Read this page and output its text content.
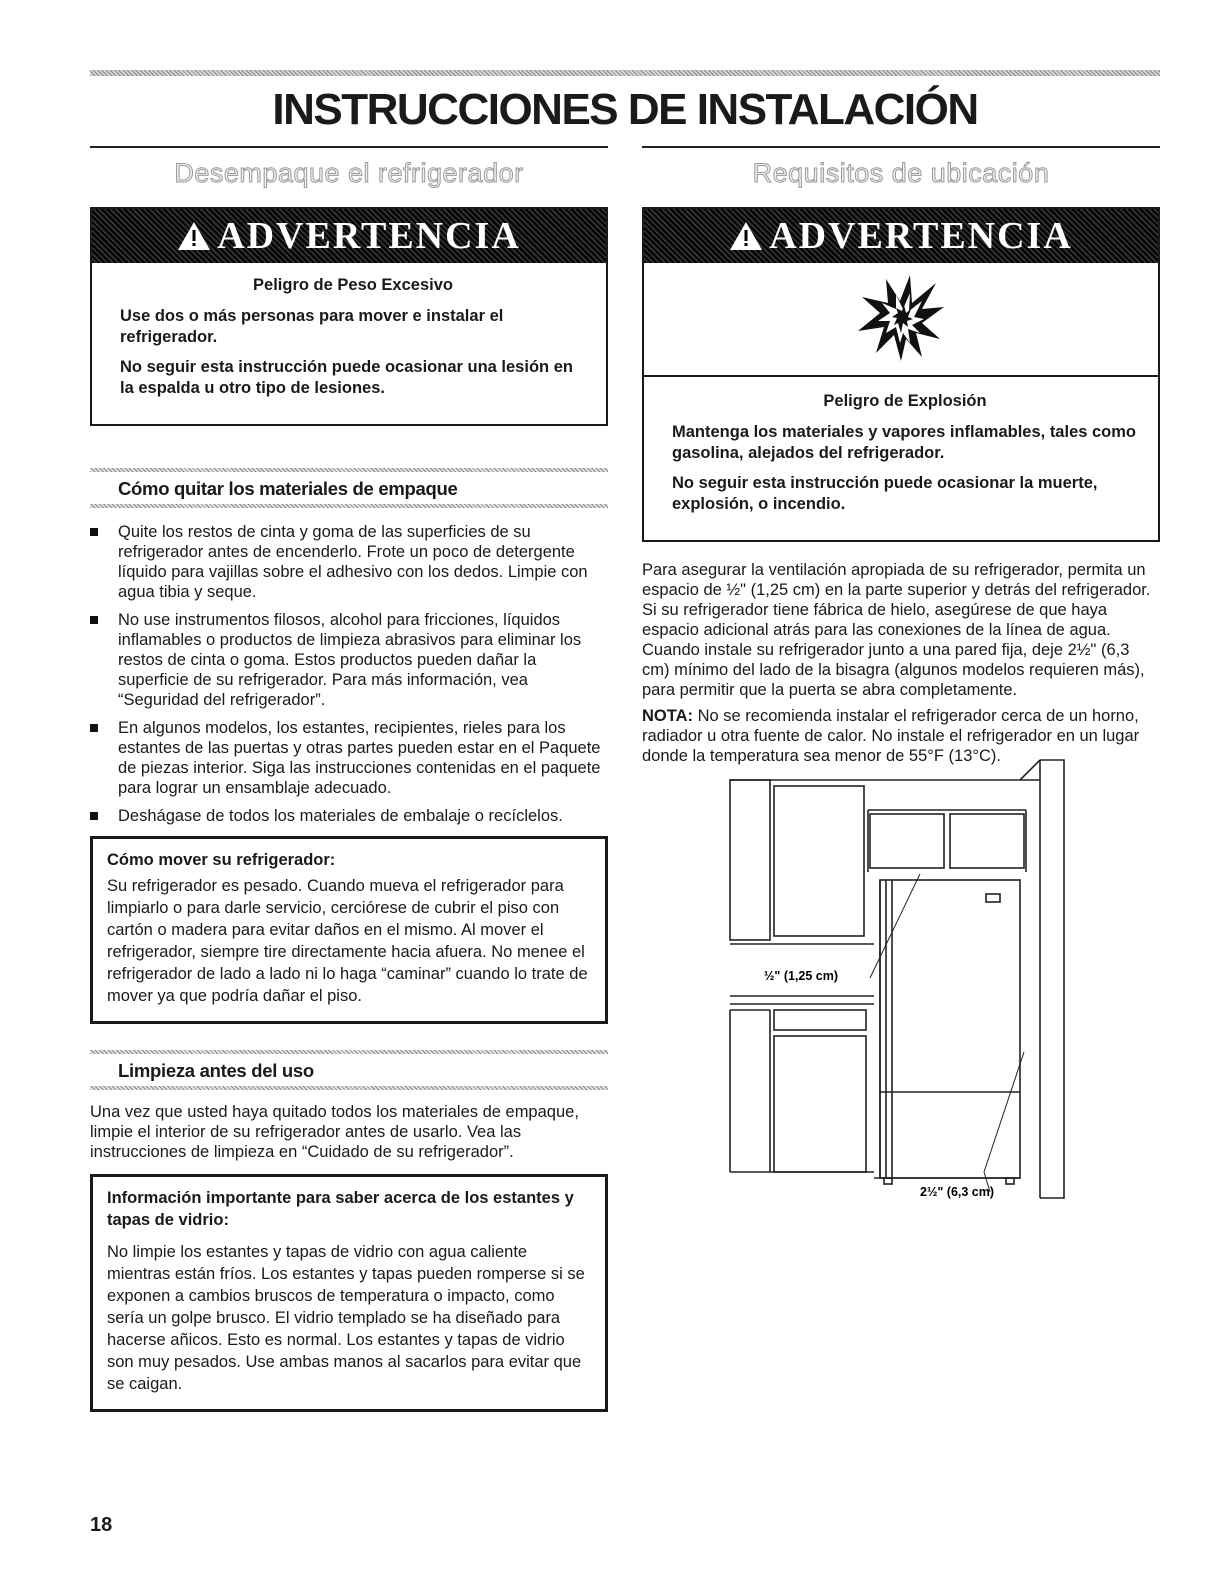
INSTRUCCIONES DE INSTALACIÓN
Desempaque el refrigerador
ADVERTENCIA
Peligro de Peso Excesivo

Use dos o más personas para mover e instalar el refrigerador.

No seguir esta instrucción puede ocasionar una lesión en la espalda u otro tipo de lesiones.

Cómo quitar los materiales de empaque
Quite los restos de cinta y goma de las superficies de su refrigerador antes de encenderlo. Frote un poco de detergente líquido para vajillas sobre el adhesivo con los dedos. Limpie con agua tibia y seque.
No use instrumentos filosos, alcohol para fricciones, líquidos inflamables o productos de limpieza abrasivos para eliminar los restos de cinta o goma. Estos productos pueden dañar la superficie de su refrigerador. Para más información, vea “Seguridad del refrigerador”.
En algunos modelos, los estantes, recipientes, rieles para los estantes de las puertas y otras partes pueden estar en el Paquete de piezas interior. Siga las instrucciones contenidas en el paquete para lograr un ensamblaje adecuado.
Deshágase de todos los materiales de embalaje o recíclelos.
Cómo mover su refrigerador:

Su refrigerador es pesado. Cuando mueva el refrigerador para limpiarlo o para darle servicio, cerciórese de cubrir el piso con cartón o madera para evitar daños en el mismo. Al mover el refrigerador, siempre tire directamente hacia afuera. No menee el refrigerador de lado a lado ni lo haga “caminar” cuando lo trate de mover ya que podría dañar el piso.

Limpieza antes del uso

Una vez que usted haya quitado todos los materiales de empaque, limpie el interior de su refrigerador antes de usarlo. Vea las instrucciones de limpieza en “Cuidado de su refrigerador”.

Información importante para saber acerca de los estantes y tapas de vidrio:

No limpie los estantes y tapas de vidrio con agua caliente mientras están fríos. Los estantes y tapas pueden romperse si se exponen a cambios bruscos de temperatura o impacto, como sería un golpe brusco. El vidrio templado se ha diseñado para hacerse añicos. Esto es normal. Los estantes y tapas de vidrio son muy pesados. Use ambas manos al sacarlos para evitar que se caigan.

Requisitos de ubicación
ADVERTENCIA
Peligro de Explosión

Mantenga los materiales y vapores inflamables, tales como gasolina, alejados del refrigerador.

No seguir esta instrucción puede ocasionar la muerte, explosión, o incendio.

Para asegurar la ventilación apropiada de su refrigerador, permita un espacio de ½" (1,25 cm) en la parte superior y detrás del refrigerador. Si su refrigerador tiene fábrica de hielo, asegúrese de que haya espacio adicional atrás para las conexiones de la línea de agua. Cuando instale su refrigerador junto a una pared fija, deje 2½" (6,3 cm) mínimo del lado de la bisagra (algunos modelos requieren más), para permitir que la puerta se abra completamente.

NOTA: No se recomienda instalar el refrigerador cerca de un horno, radiador u otra fuente de calor. No instale el refrigerador en un lugar donde la temperatura sea menor de 55°F (13°C).

½" (1,25 cm)
2½" (6,3 cm)
18
